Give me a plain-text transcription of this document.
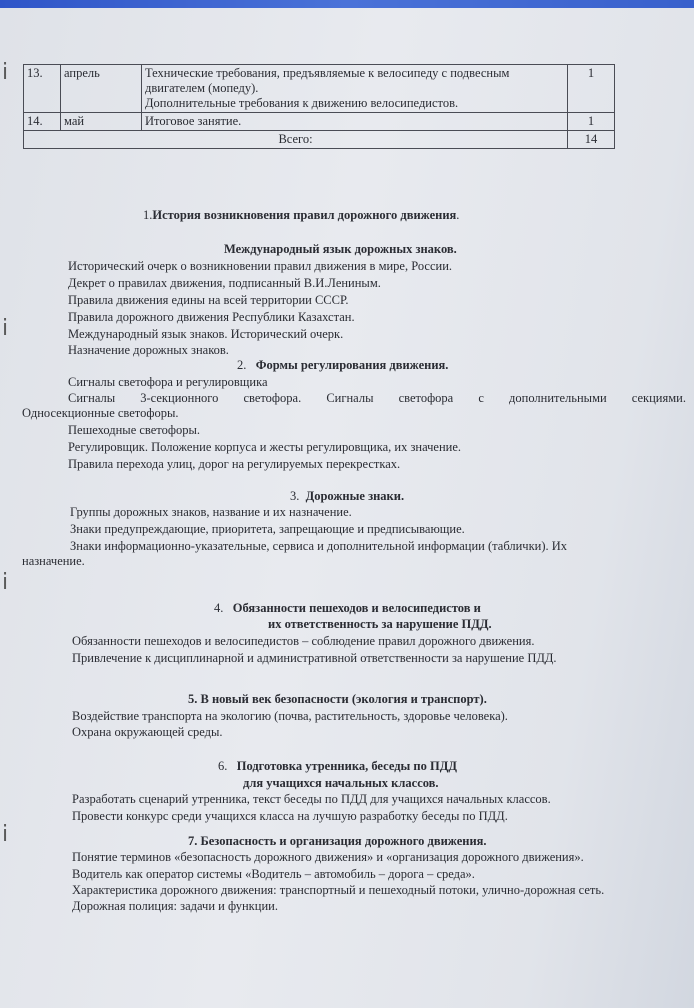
ⅰ
ⅰ
ⅰ
ⅰ
13.	апрель	Технические требования, предъявляемые к велосипеду с подвесным
двигателем (мопеду).
Дополнительные требования к движению велосипедистов.	1
14.	май	Итоговое занятие.	1
Всего:			14
1.История возникновения правил дорожного движения.
Международный язык дорожных знаков.
Исторический очерк о возникновении правил движения в мире, России.
Декрет о правилах движения, подписанный В.И.Лениным.
Правила движения едины на всей территории СССР.
Правила дорожного движения Республики Казахстан.
Международный язык знаков. Исторический очерк.
Назначение дорожных знаков.
2. Формы регулирования движения.
Сигналы светофора и регулировщика
Сигналы 3-секционного светофора. Сигналы светофора с дополнительными секциями.
Односекционные светофоры.
Пешеходные светофоры.
Регулировщик. Положение корпуса и жесты регулировщика, их значение.
Правила перехода улиц, дорог на регулируемых перекрестках.
3. Дорожные знаки.
Группы дорожных знаков, название и их назначение.
Знаки предупреждающие, приоритета, запрещающие и предписывающие.
Знаки информационно-указательные, сервиса и дополнительной информации (таблички). Их
назначение.
4. Обязанности пешеходов и велосипедистов и
их ответственность за нарушение ПДД.
Обязанности пешеходов и велосипедистов – соблюдение правил дорожного движения.
Привлечение к дисциплинарной и административной ответственности за нарушение ПДД.
5. В новый век безопасности (экология и транспорт).
Воздействие транспорта на экологию (почва, растительность, здоровье человека).
Охрана окружающей среды.
6. Подготовка утренника, беседы по ПДД
для учащихся начальных классов.
Разработать сценарий утренника, текст беседы по ПДД для учащихся начальных классов.
Провести конкурс среди учащихся класса на лучшую разработку беседы по ПДД.
7. Безопасность и организация дорожного движения.
Понятие терминов «безопасность дорожного движения» и «организация дорожного движения».
Водитель как оператор системы «Водитель – автомобиль – дорога – среда».
Характеристика дорожного движения: транспортный и пешеходный потоки, улично-дорожная сеть.
Дорожная полиция: задачи и функции.
